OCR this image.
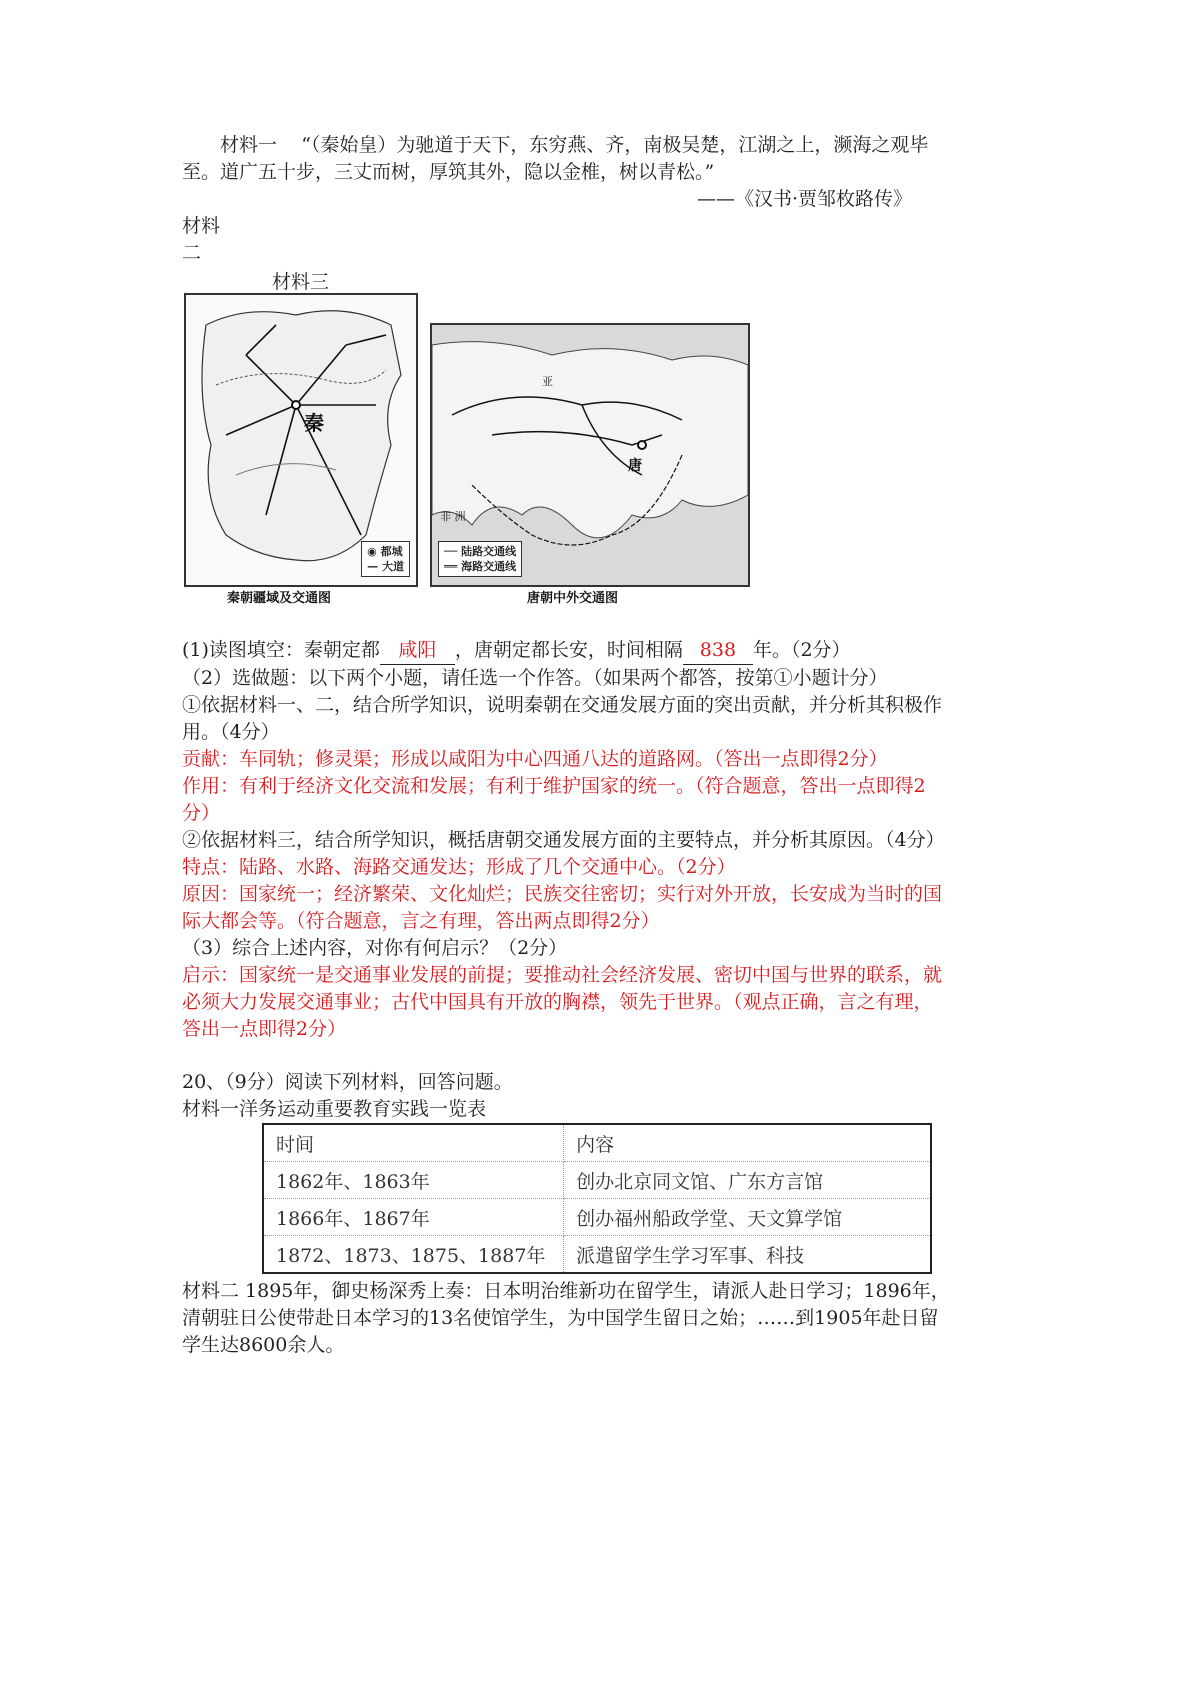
材料一 “（秦始皇）为驰道于天下，东穷燕、齐，南极吴楚，江湖之上，濒海之观毕

至。道广五十步，三丈而树，厚筑其外，隐以金椎，树以青松。”

——《汉书·贾邹枚路传》

材料

二

材料三
秦
◉ 都城
— 大道
秦朝疆域及交通图
唐
亚
非 洲
── 陆路交通线
══ 海路交通线
唐朝中外交通图

(1)读图填空：秦朝定都 咸阳 ，唐朝定都长安，时间相隔 838 年。（2分）

（2）选做题：以下两个小题，请任选一个作答。（如果两个都答，按第①小题计分）

①依据材料一、二，结合所学知识，说明秦朝在交通发展方面的突出贡献，并分析其积极作

用。（4分）

贡献：车同轨；修灵渠；形成以咸阳为中心四通八达的道路网。（答出一点即得2分）

作用：有利于经济文化交流和发展；有利于维护国家的统一。（符合题意，答出一点即得2

分）

②依据材料三，结合所学知识，概括唐朝交通发展方面的主要特点，并分析其原因。（4分）

特点：陆路、水路、海路交通发达；形成了几个交通中心。（2分）

原因：国家统一；经济繁荣、文化灿烂；民族交往密切；实行对外开放，长安成为当时的国

际大都会等。（符合题意，言之有理，答出两点即得2分）

（3）综合上述内容，对你有何启示？（2分）

启示：国家统一是交通事业发展的前提；要推动社会经济发展、密切中国与世界的联系，就

必须大力发展交通事业；古代中国具有开放的胸襟，领先于世界。（观点正确，言之有理，

答出一点即得2分）

20、（9分）阅读下列材料，回答问题。

材料一洋务运动重要教育实践一览表

时间	内容
1862年、1863年	创办北京同文馆、广东方言馆
1866年、1867年	创办福州船政学堂、天文算学馆
1872、1873、1875、1887年	派遣留学生学习军事、科技

材料二 1895年，御史杨深秀上奏：日本明治维新功在留学生，请派人赴日学习；1896年，

清朝驻日公使带赴日本学习的13名使馆学生，为中国学生留日之始；……到1905年赴日留

学生达8600余人。
